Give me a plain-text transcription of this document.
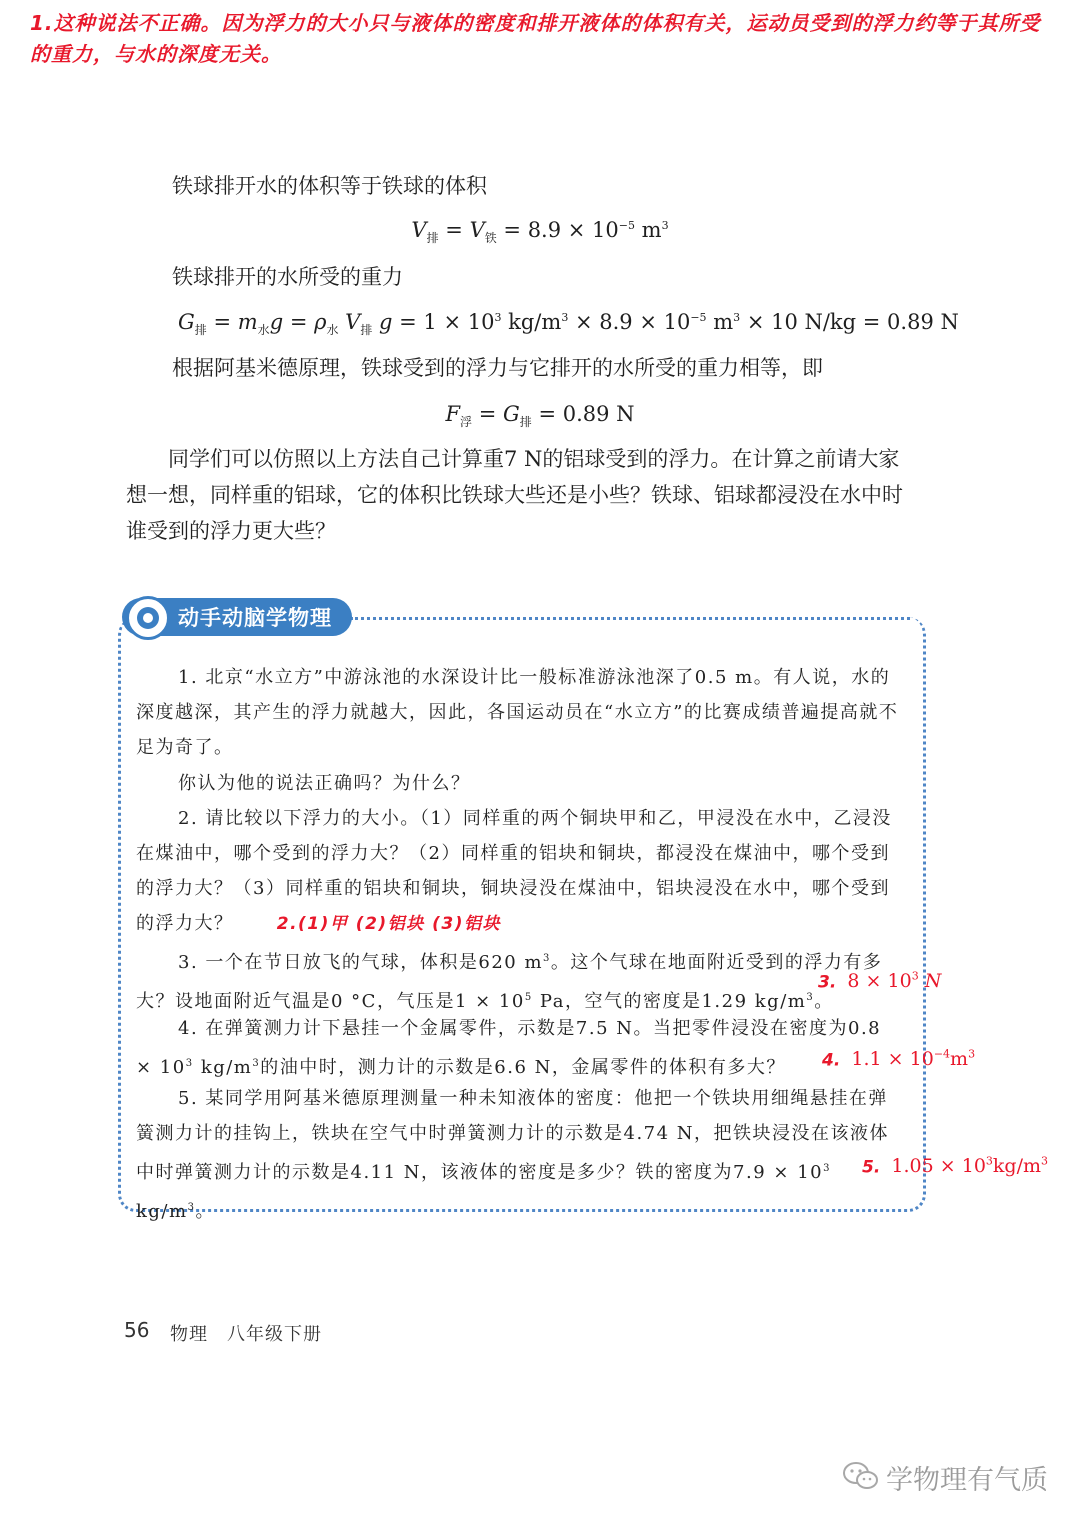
1.这种说法不正确。因为浮力的大小只与液体的密度和排开液体的体积有关，运动员受到的浮力约等于其所受的重力，与水的深度无关。
铁球排开水的体积等于铁球的体积
$V_排 = V_铁 = 8.9 \times 10^{-5}$ $m^3$
铁球排开的水所受的重力
$G_排 = m_水g = \rho_水$ $V_排$ $g = 1 \times 10^3$ $kg/m^3 \times 8.9 \times 10^{-5}$ $m^3 \times 10$ N/kg = 0.89 N
根据阿基米德原理，铁球受到的浮力与它排开的水所受的重力相等，即
$F_浮 = G_排 = 0.89$ N
同学们可以仿照以上方法自己计算重7 N的铝球受到的浮力。在计算之前请大家想一想，同样重的铝球，它的体积比铁球大些还是小些？铁球、铝球都浸没在水中时谁受到的浮力更大些？
动手动脑学物理
1. 北京“水立方”中游泳池的水深设计比一般标准游泳池深了0.5 m。有人说，水的深度越深，其产生的浮力就越大，因此，各国运动员在“水立方”的比赛成绩普遍提高就不足为奇了。
你认为他的说法正确吗？为什么？
2. 请比较以下浮力的大小。（1）同样重的两个铜块甲和乙，甲浸没在水中，乙浸没在煤油中，哪个受到的浮力大？（2）同样重的铝块和铜块，都浸没在煤油中，哪个受到的浮力大？（3）同样重的铝块和铜块，铜块浸没在煤油中，铝块浸没在水中，哪个受到的浮力大？	2.(1)甲 (2)铝块 (3)铝块
3. 一个在节日放飞的气球，体积是620 $m^3$。这个气球在地面附近受到的浮力有多大？设地面附近气温是0 °C，气压是$1 \times 10^5$ Pa，空气的密度是1.29 $kg/m^3$。
3.  $8 \times 10^3$ N
4. 在弹簧测力计下悬挂一个金属零件，示数是7.5 N。当把零件浸没在密度为$0.8 \times 10^3$ $kg/m^3$的油中时，测力计的示数是6.6 N，金属零件的体积有多大？	4.  $1.1 \times 10^{-4}m^3$
5. 某同学用阿基米德原理测量一种未知液体的密度：他把一个铁块用细绳悬挂在弹簧测力计的挂钩上，铁块在空气中时弹簧测力计的示数是4.74 N，把铁块浸没在该液体中时弹簧测力计的示数是4.11 N，该液体的密度是多少？铁的密度为$7.9 \times 10^3$ $kg/m^3$。
5.  $1.05 \times 10^3kg/m^3$
56 物理　八年级下册
学物理有气质
